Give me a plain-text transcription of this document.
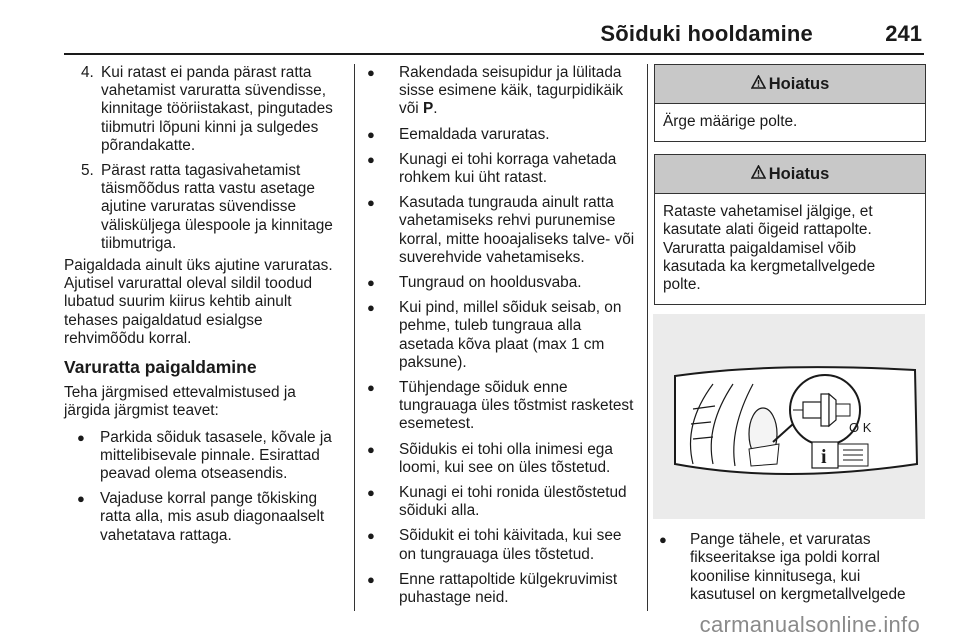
Sõiduki hooldamine	241
4. Kui ratast ei panda pärast ratta vahetamist varuratta süvendisse, kinnitage tööriistakast, pingutades tiibmutri lõpuni kinni ja sulgedes põrandakatte.
5. Pärast ratta tagasivahetamist täismõõdus ratta vastu asetage ajutine varuratas süvendisse väliskülјega ülespoole ja kinnitage tiibmutriga.
Paigaldada ainult üks ajutine varuratas. Ajutisel varurattal oleval sildil toodud lubatud suurim kiirus kehtib ainult tehases paigaldatud esialgse rehvimõõdu korral.
Varuratta paigaldamine
Teha järgmised ettevalmistused ja järgida järgmist teavet:
● Parkida sõiduk tasasele, kõvale ja mittelibisevale pinnale. Esirattad peavad olema otseasendis.
● Vajaduse korral pange tõkisking ratta alla, mis asub diagonaalselt vahetatava rattaga.
● Rakendada seisupidur ja lülitada sisse esimene käik, tagurpidikäik või P.
● Eemaldada varuratas.
● Kunagi ei tohi korraga vahetada rohkem kui üht ratast.
● Kasutada tungrauda ainult ratta vahetamiseks rehvi purunemise korral, mitte hooajaliseks talve- või suverehvide vahetamiseks.
● Tungraud on hooldusvaba.
● Kui pind, millel sõiduk seisab, on pehme, tuleb tungraua alla asetada kõva plaat (max 1 cm paksune).
● Tühjendage sõiduk enne tungrauaga üles tõstmist rasketest esemetest.
● Sõidukis ei tohi olla inimesi ega loomi, kui see on üles tõstetud.
● Kunagi ei tohi ronida ülestõstetud sõiduki alla.
● Sõidukit ei tohi käivitada, kui see on tungrauaga üles tõstetud.
● Enne rattapoltide külgekruvimist puhastage neid.
Hoiatus
Ärge määrige polte.
Hoiatus
Rataste vahetamisel jälgige, et kasutate alati õigeid rattapolte. Varuratta paigaldamisel võib kasutada ka kergmetallvelgede polte.
i
O K
● Pange tähele, et varuratas fikseeritakse iga poldi korral koonilise kinnitusega, kui kasutusel on kergmetallvelgede
carmanualsonline.info
